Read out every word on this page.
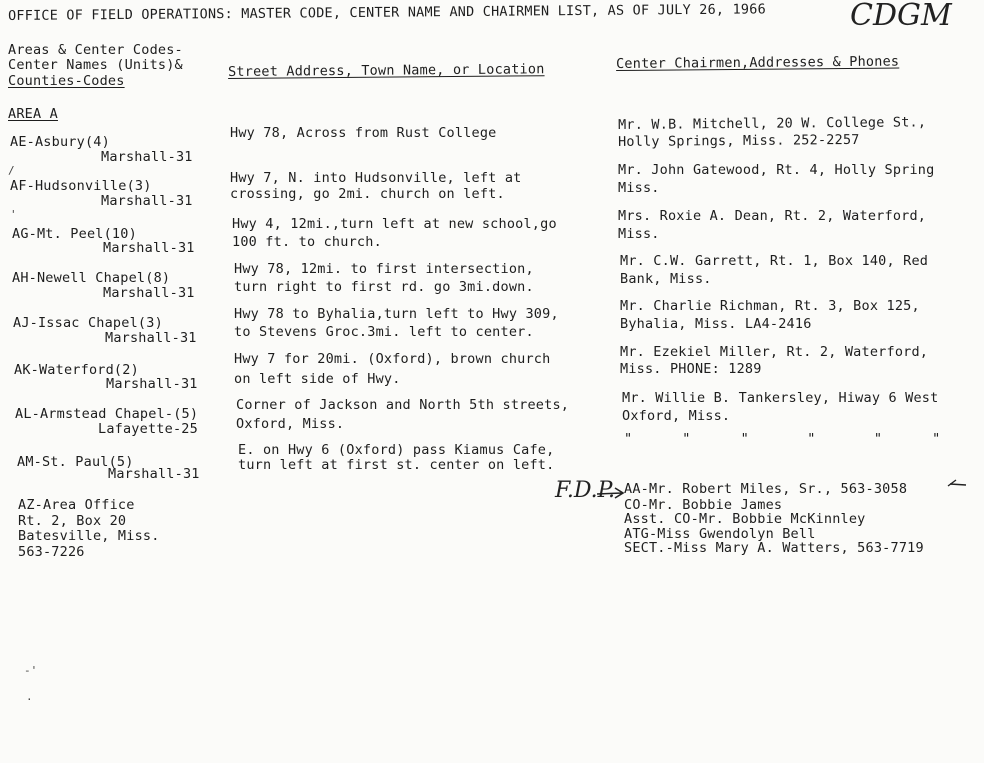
OFFICE OF FIELD OPERATIONS: MASTER CODE, CENTER NAME AND CHAIRMEN LIST, AS OF JULY 26, 1966	CDGM
Areas & Center Codes-
Center Names (Units)&
Counties-Codes
Street Address, Town Name, or Location	Center Chairmen,Addresses & Phones
AREA A
AE-Asbury(4)
Marshall-31
Hwy 78, Across from Rust College
Mr. W.B. Mitchell, 20 W. College St.,
Holly Springs, Miss. 252-2257
AF-Hudsonville(3)
Marshall-31
Hwy 7, N. into Hudsonville, left at
crossing, go 2mi. church on left.
Mr. John Gatewood, Rt. 4, Holly Spring
Miss.
AG-Mt. Peel(10)
Marshall-31
Hwy 4, 12mi.,turn left at new school,go
100 ft. to church.
Mrs. Roxie A. Dean, Rt. 2, Waterford,
Miss.
AH-Newell Chapel(8)
Marshall-31
Hwy 78, 12mi. to first intersection,
turn right to first rd. go 3mi.down.
Mr. C.W. Garrett, Rt. 1, Box 140, Red
Bank, Miss.
AJ-Issac Chapel(3)
Marshall-31
Hwy 78 to Byhalia,turn left to Hwy 309,
to Stevens Groc.3mi. left to center.
Mr. Charlie Richman, Rt. 3, Box 125,
Byhalia, Miss. LA4-2416
AK-Waterford(2)
Marshall-31
Hwy 7 for 20mi. (Oxford), brown church
on left side of Hwy.
Mr. Ezekiel Miller, Rt. 2, Waterford,
Miss. PHONE: 1289
AL-Armstead Chapel-(5)
Lafayette-25
Corner of Jackson and North 5th streets,
Oxford, Miss.
Mr. Willie B. Tankersley, Hiway 6 West
Oxford, Miss.
AM-St. Paul(5)
Marshall-31
E. on Hwy 6 (Oxford) pass Kiamus Cafe,
turn left at first st. center on left.
"      "      "       "       "      "
AZ-Area Office
Rt. 2, Box 20
Batesville, Miss.
563-7226
F.D.P. AA-Mr. Robert Miles, Sr., 563-3058
CO-Mr. Bobbie James
Asst. CO-Mr. Bobbie McKinnley
ATG-Miss Gwendolyn Bell
SECT.-Miss Mary A. Watters, 563-7719
/
'
-'
.
